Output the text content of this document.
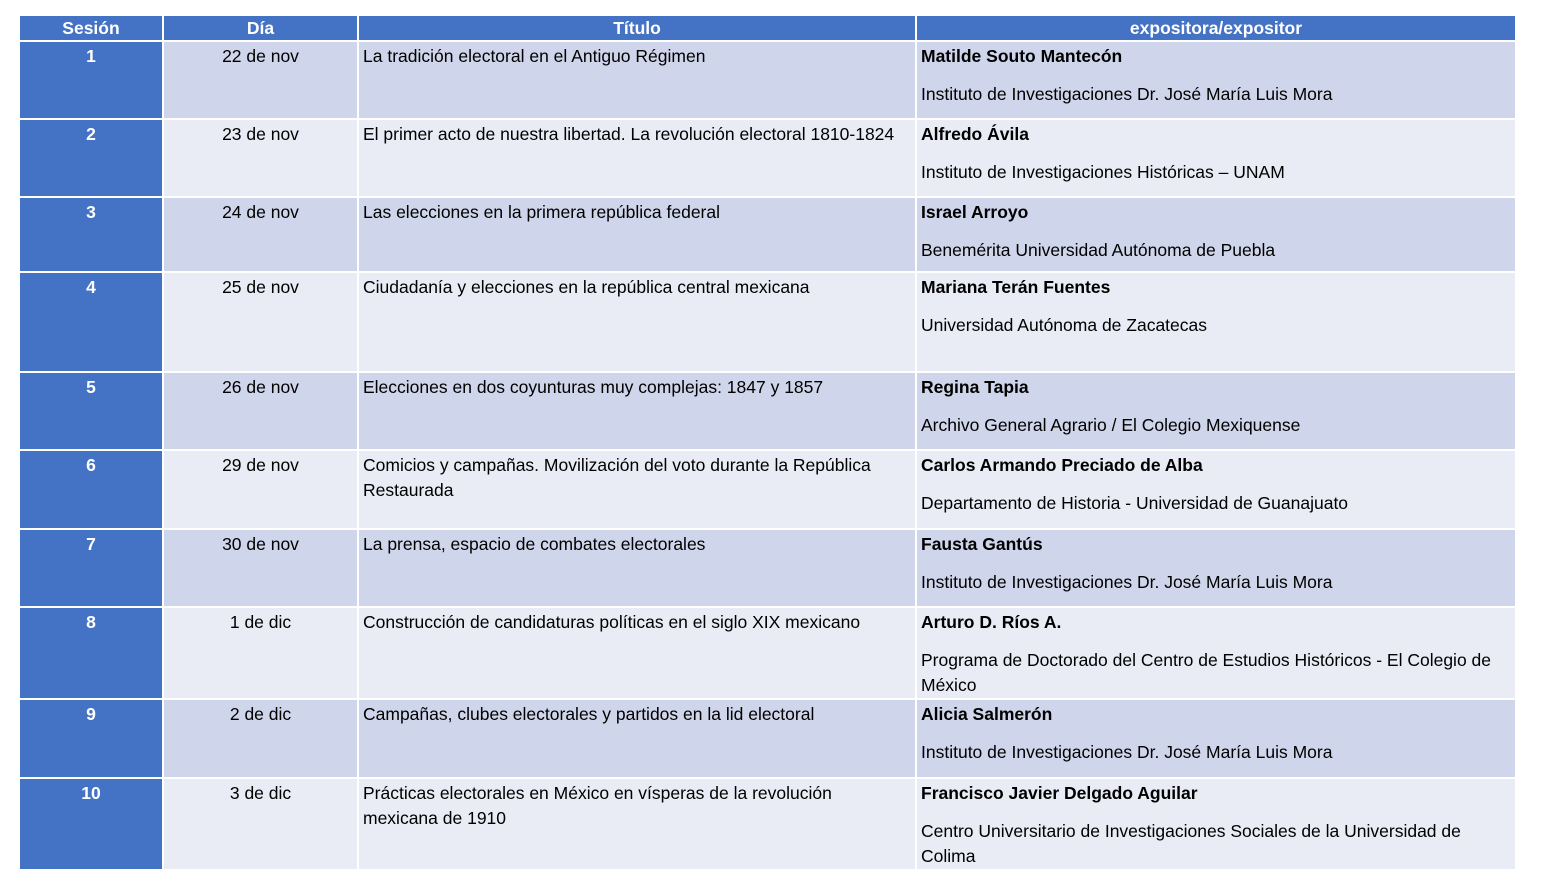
Sesión	Día	Título	expositora/expositor
1	22 de nov	La tradición electoral en el Antiguo Régimen	Matilde Souto Mantecón
Instituto de Investigaciones Dr. José María Luis Mora

2	23 de nov	El primer acto de nuestra libertad. La revolución electoral 1810-1824	Alfredo Ávila
Instituto de Investigaciones Históricas – UNAM

3	24 de nov	Las elecciones en la primera república federal	Israel Arroyo
Benemérita Universidad Autónoma de Puebla

4	25 de nov	Ciudadanía y elecciones en la república central mexicana	Mariana Terán Fuentes
Universidad Autónoma de Zacatecas

5	26 de nov	Elecciones en dos coyunturas muy complejas: 1847 y 1857	Regina Tapia
Archivo General Agrario / El Colegio Mexiquense

6	29 de nov	Comicios y campañas. Movilización del voto durante la República Restaurada	Carlos Armando Preciado de Alba
Departamento de Historia - Universidad de Guanajuato

7	30 de nov	La prensa, espacio de combates electorales	Fausta Gantús
Instituto de Investigaciones Dr. José María Luis Mora

8	1 de dic	Construcción de candidaturas políticas en el siglo XIX mexicano	Arturo D. Ríos A.
Programa de Doctorado del Centro de Estudios Históricos - El Colegio de México

9	2 de dic	Campañas, clubes electorales y partidos en la lid electoral	Alicia Salmerón
Instituto de Investigaciones Dr. José María Luis Mora

10	3 de dic	Prácticas electorales en México en vísperas de la revolución mexicana de 1910	Francisco Javier Delgado Aguilar
Centro Universitario de Investigaciones Sociales de la Universidad de Colima
